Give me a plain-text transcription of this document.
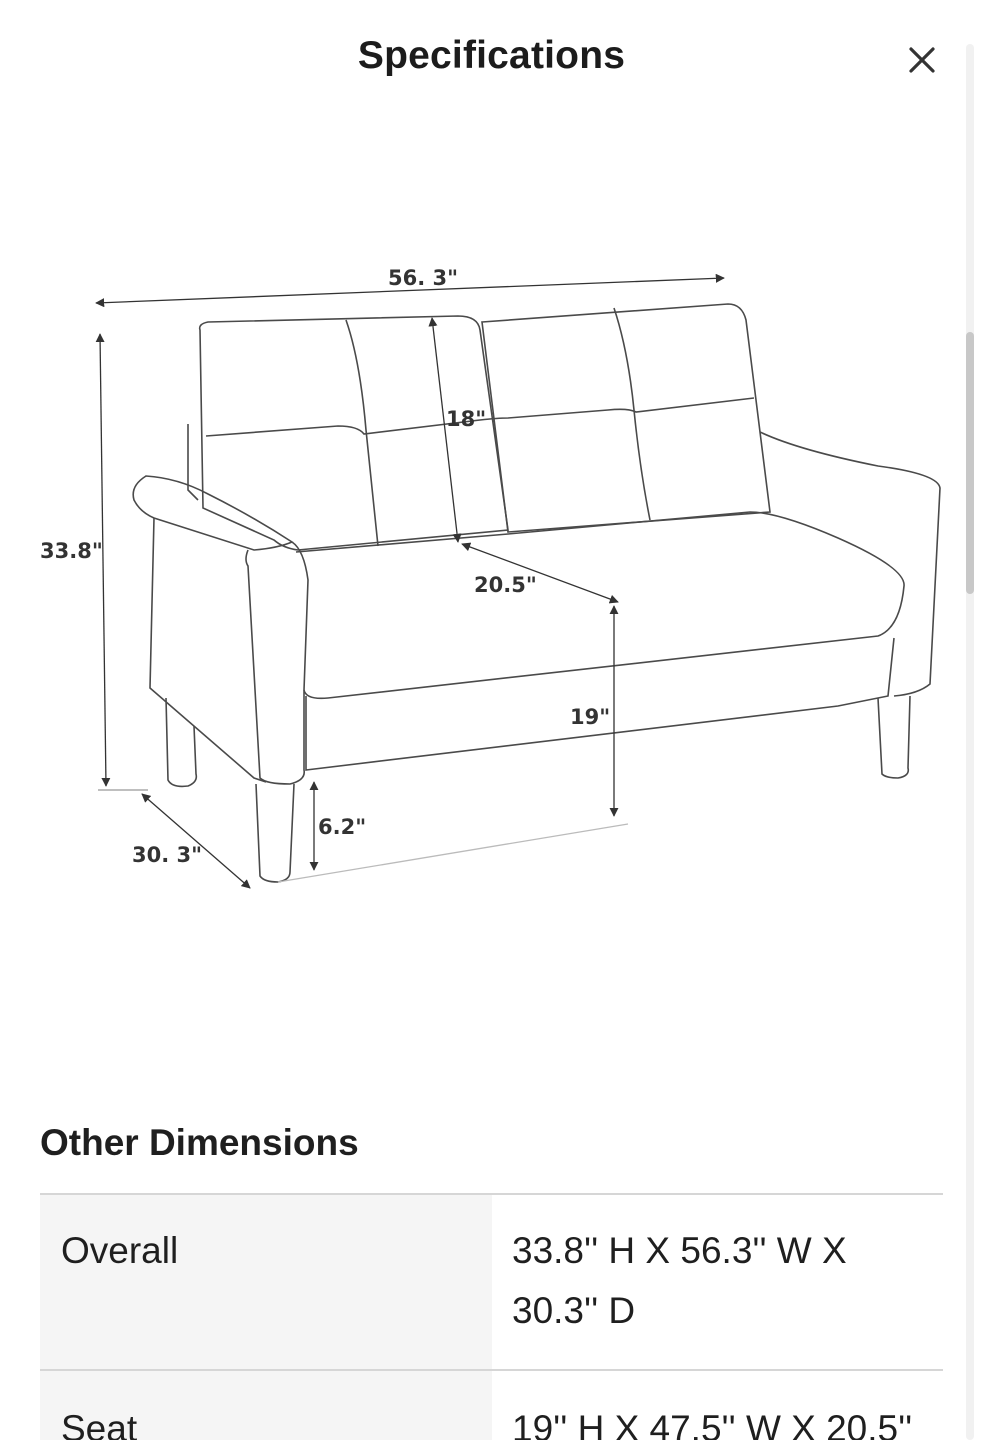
Specifications
56. 3"
33.8"
18"
20.5"
19"
6.2"
30. 3"
Other Dimensions
Overall	33.8'' H X 56.3'' W X 30.3'' D
Seat	19'' H X 47.5'' W X 20.5''
